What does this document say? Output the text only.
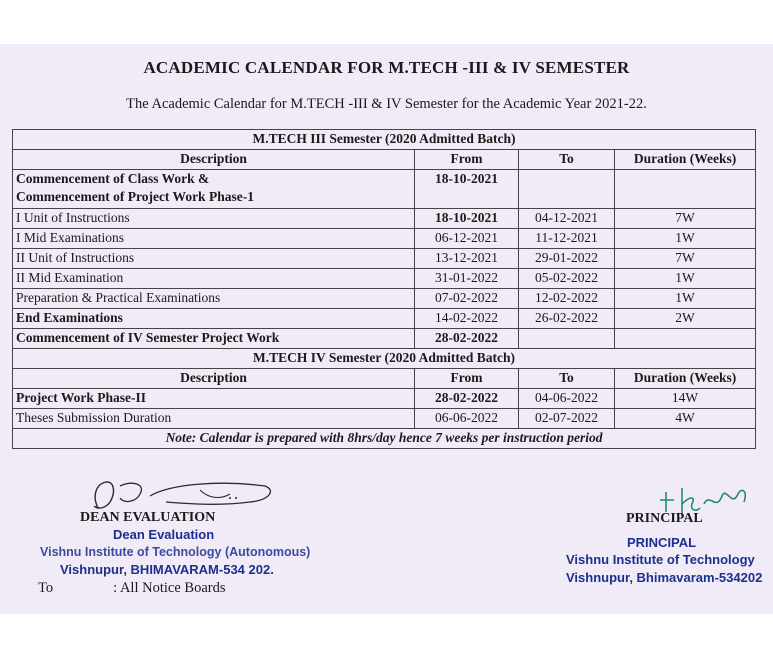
ACADEMIC CALENDAR FOR M.TECH -III & IV SEMESTER
The Academic Calendar for M.TECH -III & IV Semester for the Academic Year 2021-22.
M.TECH III Semester (2020 Admitted Batch)			
Description	From	To	Duration (Weeks)

Commencement of Class Work &
Commencement of Project Work Phase-1	18-10-2021		
I Unit of Instructions	18-10-2021	04-12-2021	7W
I Mid Examinations	06-12-2021	11-12-2021	1W
II Unit of Instructions	13-12-2021	29-01-2022	7W
II Mid Examination	31-01-2022	05-02-2022	1W
Preparation & Practical Examinations	07-02-2022	12-02-2022	1W
End Examinations	14-02-2022	26-02-2022	2W
Commencement of IV Semester Project Work	28-02-2022		
M.TECH IV Semester (2020 Admitted Batch)			
Description	From	To	Duration (Weeks)
Project Work Phase-II	28-02-2022	04-06-2022	14W
Theses Submission Duration	06-06-2022	02-07-2022	4W
Note: Calendar is prepared with 8hrs/day hence 7 weeks per instruction period			
DEAN EVALUATION
Dean Evaluation
Vishnu Institute of Technology (Autonomous)
Vishnupur, BHIMAVARAM-534 202.
To	: All Notice Boards
PRINCIPAL
PRINCIPAL
Vishnu Institute of Technology
Vishnupur, Bhimavaram-534202
